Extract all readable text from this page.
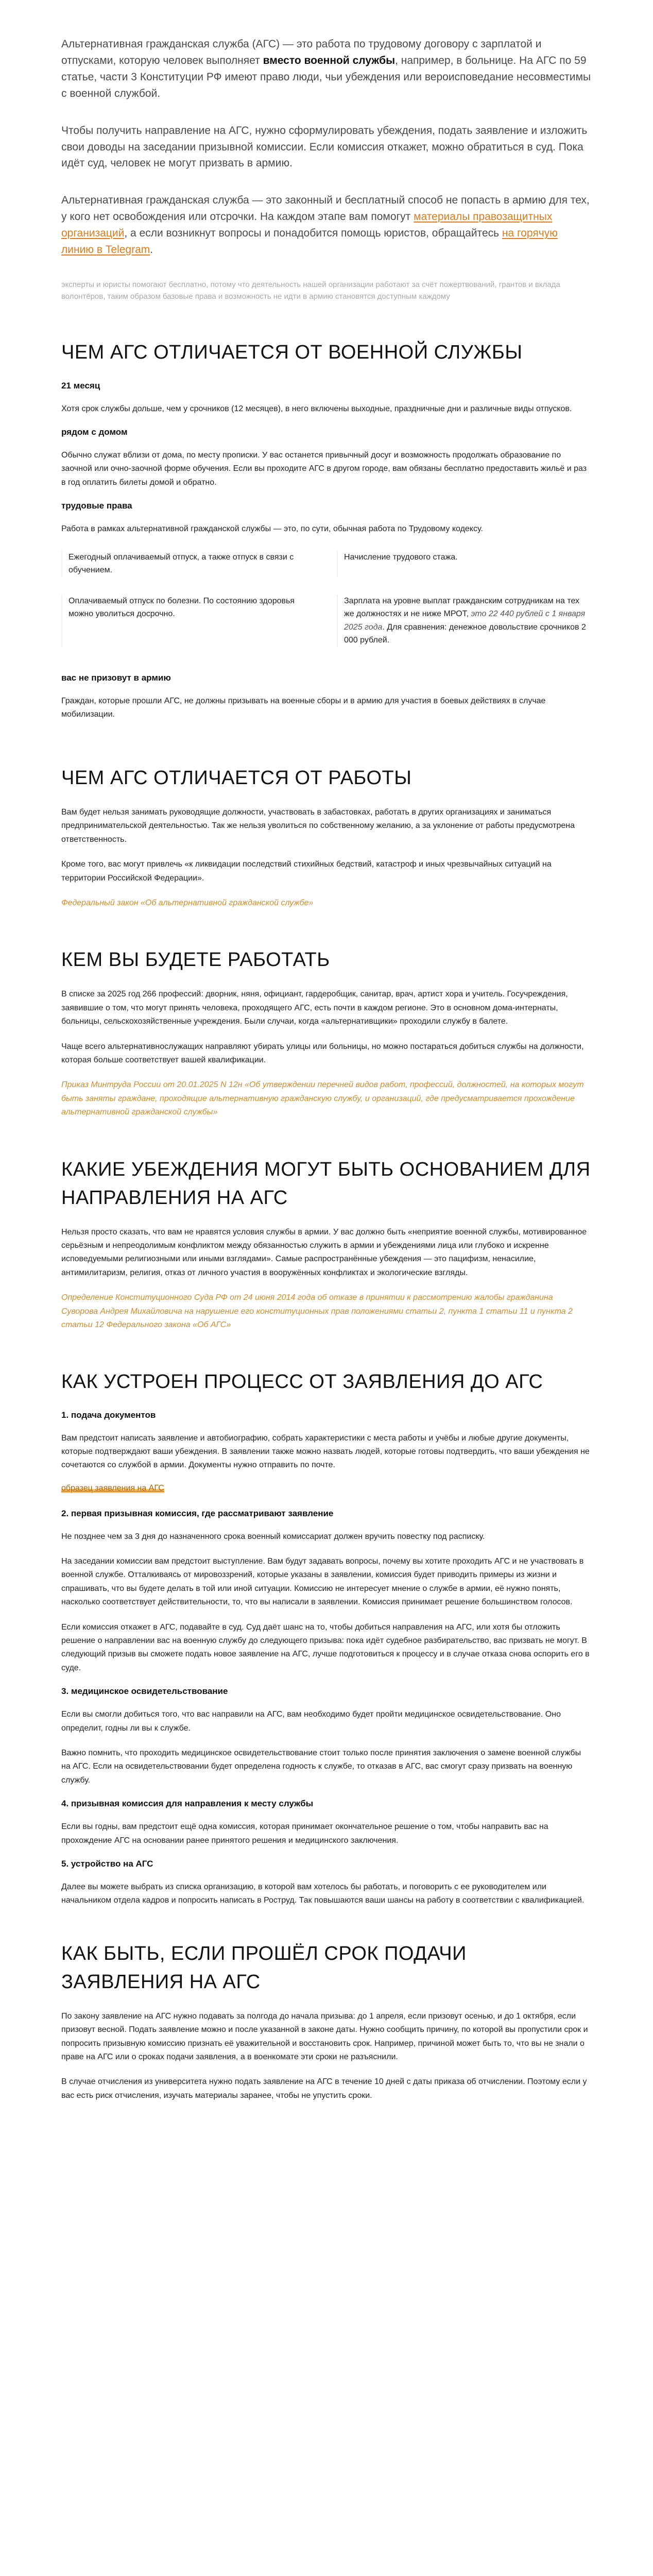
Альтернативная гражданская служба (АГС) — это работа по трудовому договору с зарплатой и отпусками, которую человек выполняет вместо военной службы, например, в больнице. На АГС по 59 статье, части 3 Конституции РФ имеют право люди, чьи убеждения или вероисповедание несовместимы с военной службой.

Чтобы получить направление на АГС, нужно сформулировать убеждения, подать заявление и изложить свои доводы на заседании призывной комиссии. Если комиссия откажет, можно обратиться в суд. Пока идёт суд, человек не могут призвать в армию.

Альтернативная гражданская служба — это законный и бесплатный способ не попасть в армию для тех, у кого нет освобождения или отсрочки. На каждом этапе вам помогут материалы правозащитных организаций, а если возникнут вопросы и понадобится помощь юристов, обращайтесь на горячую линию в Telegram.

эксперты и юристы помогают бесплатно, потому что деятельность нашей организации работают за счёт пожертвований, грантов и вклада волонтёров, таким образом базовые права и возможность не идти в армию становятся доступным каждому

ЧЕМ АГС ОТЛИЧАЕТСЯ ОТ ВОЕННОЙ СЛУЖБЫ
21 месяц

Хотя срок службы дольше, чем у срочников (12 месяцев), в него включены выходные, праздничные дни и различные виды отпусков.

рядом с домом

Обычно служат вблизи от дома, по месту прописки. У вас останется привычный досуг и возможность продолжать образование по заочной или очно-заочной форме обучения. Если вы проходите АГС в другом городе, вам обязаны бесплатно предоставить жильё и раз в год оплатить билеты домой и обратно.

трудовые права

Работа в рамках альтернативной гражданской службы — это, по сути, обычная работа по Трудовому кодексу.

Ежегодный оплачиваемый отпуск, а также отпуск в связи с обучением.
Начисление трудового стажа.
Оплачиваемый отпуск по болезни. По состоянию здоровья можно уволиться досрочно.
Зарплата на уровне выплат гражданским сотрудникам на тех же должностях и не ниже МРОТ, это 22 440 рублей с 1 января 2025 года. Для сравнения: денежное довольствие срочников 2 000 рублей.
вас не призовут в армию

Граждан, которые прошли АГС, не должны призывать на военные сборы и в армию для участия в боевых действиях в случае мобилизации.

ЧЕМ АГС ОТЛИЧАЕТСЯ ОТ РАБОТЫ

Вам будет нельзя занимать руководящие должности, участвовать в забастовках, работать в других организациях и заниматься предпринимательской деятельностью. Так же нельзя уволиться по собственному желанию, а за уклонение от работы предусмотрена ответственность.

Кроме того, вас могут привлечь «к ликвидации последствий стихийных бедствий, катастроф и иных чрезвычайных ситуаций на территории Российской Федерации».

Федеральный закон «Об альтернативной гражданской службе»

КЕМ ВЫ БУДЕТЕ РАБОТАТЬ

В списке за 2025 год 266 профессий: дворник, няня, официант, гардеробщик, санитар, врач, артист хора и учитель. Госучреждения, заявившие о том, что могут принять человека, проходящего АГС, есть почти в каждом регионе. Это в основном дома-интернаты, больницы, сельскохозяйственные учреждения. Были случаи, когда «альтернативщики» проходили службу в балете.

Чаще всего альтернативнослужащих направляют убирать улицы или больницы, но можно постараться добиться службы на должности, которая больше соответствует вашей квалификации.

Приказ Минтруда России от 20.01.2025 N 12н «Об утверждении перечней видов работ, профессий, должностей, на которых могут быть заняты граждане, проходящие альтернативную гражданскую службу, и организаций, где предусматривается прохождение альтернативной гражданской службы»

КАКИЕ УБЕЖДЕНИЯ МОГУТ БЫТЬ ОСНОВАНИЕМ ДЛЯ НАПРАВЛЕНИЯ НА АГС

Нельзя просто сказать, что вам не нравятся условия службы в армии. У вас должно быть «неприятие военной службы, мотивированное серьёзным и непреодолимым конфликтом между обязанностью служить в армии и убеждениями лица или глубоко и искренне исповедуемыми религиозными или иными взглядами». Самые распространённые убеждения — это пацифизм, ненасилие, антимилитаризм, религия, отказ от личного участия в вооружённых конфликтах и экологические взгляды.

Определение Конституционного Суда РФ от 24 июня 2014 года об отказе в принятии к рассмотрению жалобы гражданина Суворова Андрея Михайловича на нарушение его конституционных прав положениями статьи 2, пункта 1 статьи 11 и пункта 2 статьи 12 Федерального закона «Об АГС»

КАК УСТРОЕН ПРОЦЕСС ОТ ЗАЯВЛЕНИЯ ДО АГС
1. подача документов

Вам предстоит написать заявление и автобиографию, собрать характеристики с места работы и учёбы и любые другие документы, которые подтверждают ваши убеждения. В заявлении также можно назвать людей, которые готовы подтвердить, что ваши убеждения не сочетаются со службой в армии. Документы нужно отправить по почте.

образец заявления на АГС
2. первая призывная комиссия, где рассматривают заявление

Не позднее чем за 3 дня до назначенного срока военный комиссариат должен вручить повестку под расписку.

На заседании комиссии вам предстоит выступление. Вам будут задавать вопросы, почему вы хотите проходить АГС и не участвовать в военной службе. Отталкиваясь от мировоззрений, которые указаны в заявлении, комиссия будет приводить примеры из жизни и спрашивать, что вы будете делать в той или иной ситуации. Комиссию не интересует мнение о службе в армии, её нужно понять, насколько соответствует действительности, то, что вы написали в заявлении. Комиссия принимает решение большинством голосов.

Если комиссия откажет в АГС, подавайте в суд. Суд даёт шанс на то, чтобы добиться направления на АГС, или хотя бы отложить решение о направлении вас на военную службу до следующего призыва: пока идёт судебное разбирательство, вас призвать не могут. В следующий призыв вы сможете подать новое заявление на АГС, лучше подготовиться к процессу и в случае отказа снова оспорить его в суде.

3. медицинское освидетельствование

Если вы смогли добиться того, что вас направили на АГС, вам необходимо будет пройти медицинское освидетельствование. Оно определит, годны ли вы к службе.

Важно помнить, что проходить медицинское освидетельствование стоит только после принятия заключения о замене военной службы на АГС. Если на освидетельствовании будет определена годность к службе, то отказав в АГС, вас смогут сразу призвать на военную службу.

4. призывная комиссия для направления к месту службы

Если вы годны, вам предстоит ещё одна комиссия, которая принимает окончательное решение о том, чтобы направить вас на прохождение АГС на основании ранее принятого решения и медицинского заключения.

5. устройство на АГС

Далее вы можете выбрать из списка организацию, в которой вам хотелось бы работать, и поговорить с ее руководителем или начальником отдела кадров и попросить написать в Роструд. Так повышаются ваши шансы на работу в соответствии с квалификацией.

КАК БЫТЬ, ЕСЛИ ПРОШЁЛ СРОК ПОДАЧИ ЗАЯВЛЕНИЯ НА АГС

По закону заявление на АГС нужно подавать за полгода до начала призыва: до 1 апреля, если призовут осенью, и до 1 октября, если призовут весной. Подать заявление можно и после указанной в законе даты. Нужно сообщить причину, по которой вы пропустили срок и попросить призывную комиссию признать её уважительной и восстановить срок. Например, причиной может быть то, что вы не знали о праве на АГС или о сроках подачи заявления, а в военкомате эти сроки не разъяснили.

В случае отчисления из университета нужно подать заявление на АГС в течение 10 дней с даты приказа об отчислении. Поэтому если у вас есть риск отчисления, изучать материалы заранее, чтобы не упустить сроки.
